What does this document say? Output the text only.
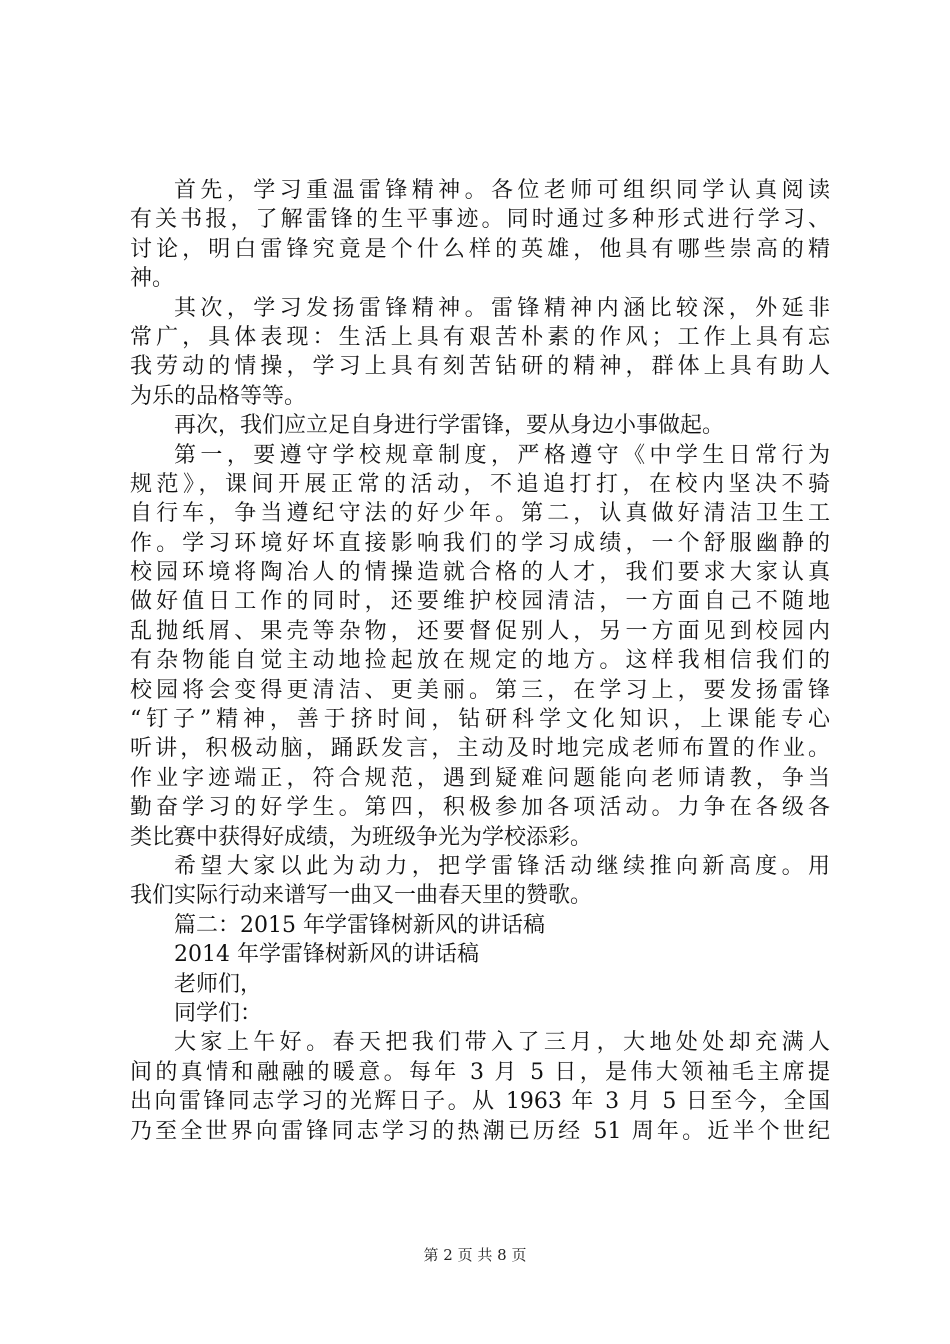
首先，学习重温雷锋精神。各位老师可组织同学认真阅读
有关书报，了解雷锋的生平事迹。同时通过多种形式进行学习、
讨论，明白雷锋究竟是个什么样的英雄，他具有哪些崇高的精
神。
其次，学习发扬雷锋精神。雷锋精神内涵比较深，外延非
常广，具体表现：生活上具有艰苦朴素的作风；工作上具有忘
我劳动的情操，学习上具有刻苦钻研的精神，群体上具有助人
为乐的品格等等。
再次，我们应立足自身进行学雷锋，要从身边小事做起。
第一，要遵守学校规章制度，严格遵守《中学生日常行为
规范》，课间开展正常的活动，不追追打打，在校内坚决不骑
自行车，争当遵纪守法的好少年。第二，认真做好清洁卫生工
作。学习环境好坏直接影响我们的学习成绩，一个舒服幽静的
校园环境将陶冶人的情操造就合格的人才，我们要求大家认真
做好值日工作的同时，还要维护校园清洁，一方面自己不随地
乱抛纸屑、果壳等杂物，还要督促别人，另一方面见到校园内
有杂物能自觉主动地捡起放在规定的地方。这样我相信我们的
校园将会变得更清洁、更美丽。第三，在学习上，要发扬雷锋
“钉子”精神，善于挤时间，钻研科学文化知识，上课能专心
听讲，积极动脑，踊跃发言，主动及时地完成老师布置的作业。
作业字迹端正，符合规范，遇到疑难问题能向老师请教，争当
勤奋学习的好学生。第四，积极参加各项活动。力争在各级各
类比赛中获得好成绩，为班级争光为学校添彩。
希望大家以此为动力，把学雷锋活动继续推向新高度。用
我们实际行动来谱写一曲又一曲春天里的赞歌。
篇二：2015 年学雷锋树新风的讲话稿
2014 年学雷锋树新风的讲话稿
老师们，
同学们：
大家上午好。春天把我们带入了三月，大地处处却充满人
间的真情和融融的暖意。每年 3 月 5 日，是伟大领袖毛主席提
出向雷锋同志学习的光辉日子。从 1963 年 3 月 5 日至今，全国
乃至全世界向雷锋同志学习的热潮已历经 51 周年。近半个世纪
第 2 页 共 8 页
